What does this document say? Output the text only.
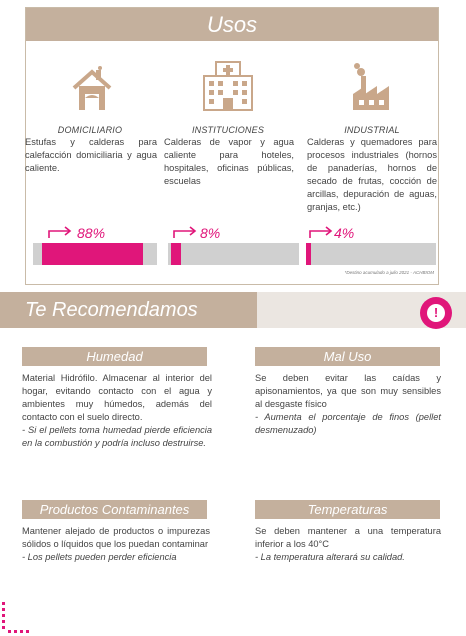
Usos
DOMICILIARIO	INSTITUCIONES	INDUSTRIAL
Estufas y calderas para calefacción domiciliaria y agua caliente.
Calderas de vapor y agua caliente para hoteles, hospitales, oficinas públicas, escuelas
Calderas y quemadores para procesos industriales (hornos de panaderías, hornos de secado de frutas, cocción de arcillas, depuración de aguas, granjas, etc.)
88%	8%	4%
*Destino acumulado a julio 2021 - ACHBIOM
Te Recomendamos	!
Humedad
Material Hidrófilo. Almacenar al interior del hogar, evitando contacto con el agua y ambientes muy húmedos, además del contacto con el suelo directo.
- Si el pellets toma humedad pierde eficiencia en la combustión y podría incluso destruirse.
Mal Uso
Se deben evitar las caídas y apisonamientos, ya que son muy sensibles al desgaste físico
- Aumenta el porcentaje de finos (pellet desmenuzado)
Productos Contaminantes
Mantener alejado de productos o impurezas sólidos o líquidos que los puedan contaminar
- Los pellets pueden perder eficiencia
Temperaturas
Se deben mantener a una temperatura inferior a los 40°C
- La temperatura alterará su calidad.
